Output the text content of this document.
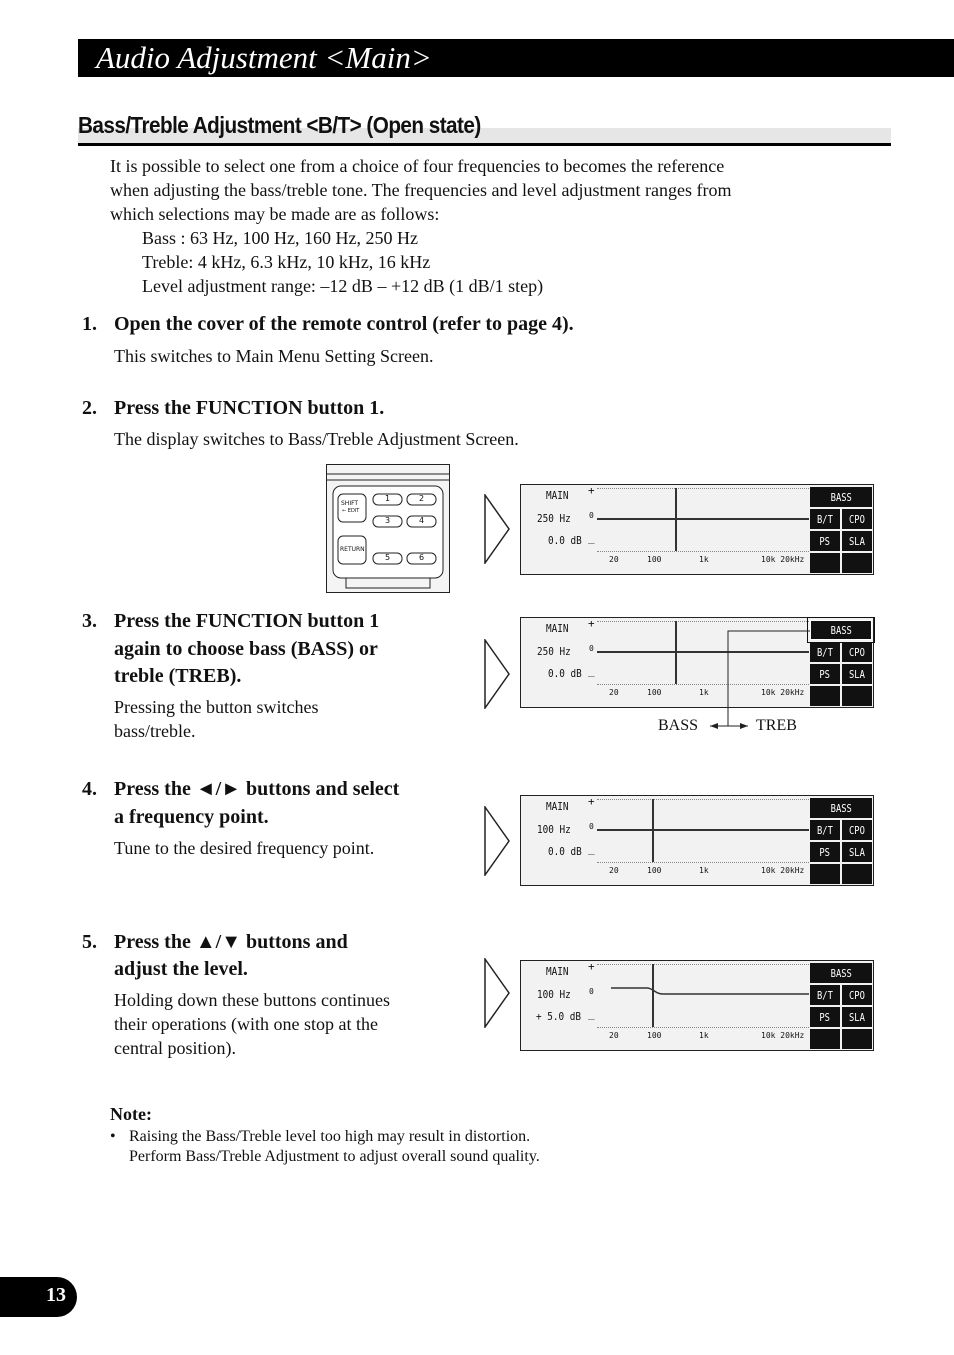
Audio Adjustment <Main>
Bass/Treble Adjustment <B/T> (Open state)
It is possible to select one from a choice of four frequencies to becomes the reference
when adjusting the bass/treble tone. The frequencies and level adjustment ranges from
which selections may be made are as follows:
Bass : 63 Hz, 100 Hz, 160 Hz, 250 Hz
Treble: 4 kHz, 6.3 kHz, 10 kHz, 16 kHz
Level adjustment range: –12 dB – +12 dB (1 dB/1 step)
1. Open the cover of the remote control (refer to page 4).
This switches to Main Menu Setting Screen.
2. Press the FUNCTION button 1.
The display switches to Bass/Treble Adjustment Screen.
3. Press the FUNCTION button 1
again to choose bass (BASS) or
treble (TREB).
Pressing the button switches
bass/treble.
4. Press the ◄/► buttons and select
a frequency point.
Tune to the desired frequency point.
5. Press the ▲/▼ buttons and
adjust the level.
Holding down these buttons continues
their operations (with one stop at the
central position).
SHIFT
← EDIT
RETURN
1	2
3	4
5	6
MAIN
250 Hz
0.0 dB
+
0
_
20	100	1k	10k 20kHz
BASS
B/T CPO
PS SLA
MAIN
250 Hz
0.0 dB
+
0
_
20	100	1k	10k 20kHz
BASS
B/T CPO
PS SLA
BASS	TREB
MAIN
100 Hz
0.0 dB
+
0
_
20	100	1k	10k 20kHz
BASS
B/T CPO
PS SLA
MAIN
100 Hz
+ 5.0 dB
+
0
_
20	100	1k	10k 20kHz
BASS
B/T CPO
PS SLA
Note:
• Raising the Bass/Treble level too high may result in distortion.
Perform Bass/Treble Adjustment to adjust overall sound quality.
13
